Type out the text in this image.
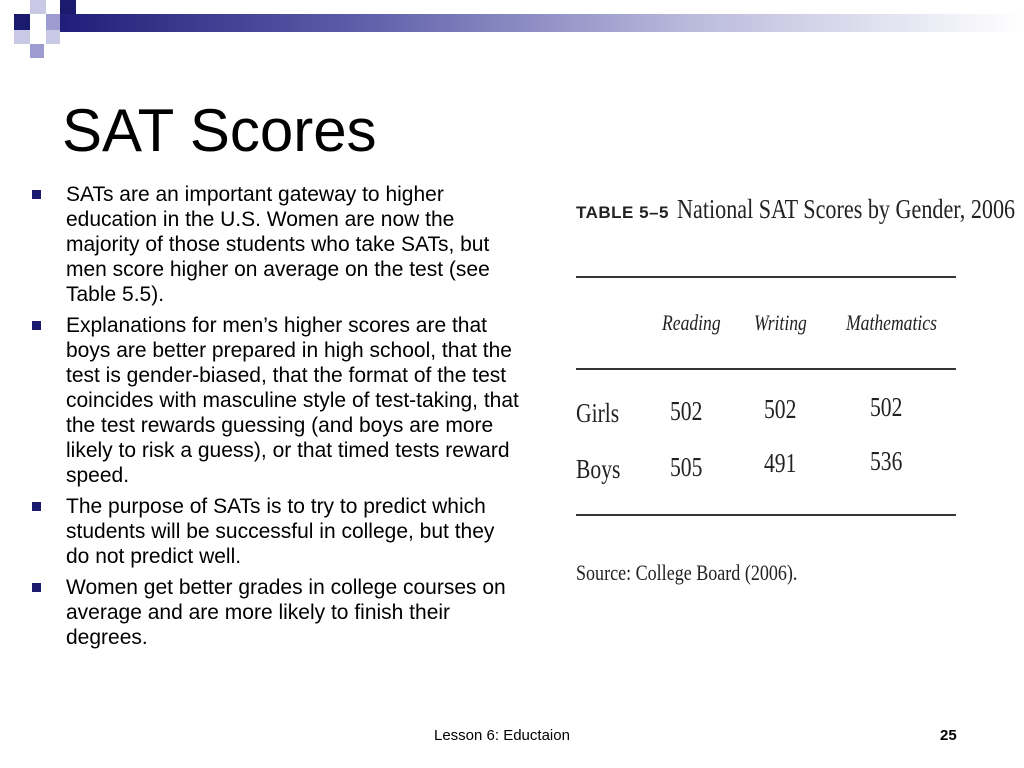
SAT Scores
SATs are an important gateway to higher education in the U.S. Women are now the majority of those students who take SATs, but men score higher on average on the test (see Table 5.5).
Explanations for men’s higher scores are that boys are better prepared in high school, that the test is gender-biased, that the format of the test coincides with masculine style of test-taking, that the test rewards guessing (and boys are more likely to risk a guess), or that timed tests reward speed.
The purpose of SATs is to try to predict which students will be successful in college, but they do not predict well.
Women get better grades in college courses on average and are more likely to finish their degrees.
TABLE 5–5 National SAT Scores by Gender, 2006
Reading Writing Mathematics
Girls 502 502	502
Boys 505 491	536
Source: College Board (2006).
Lesson 6: Eductaion	25
